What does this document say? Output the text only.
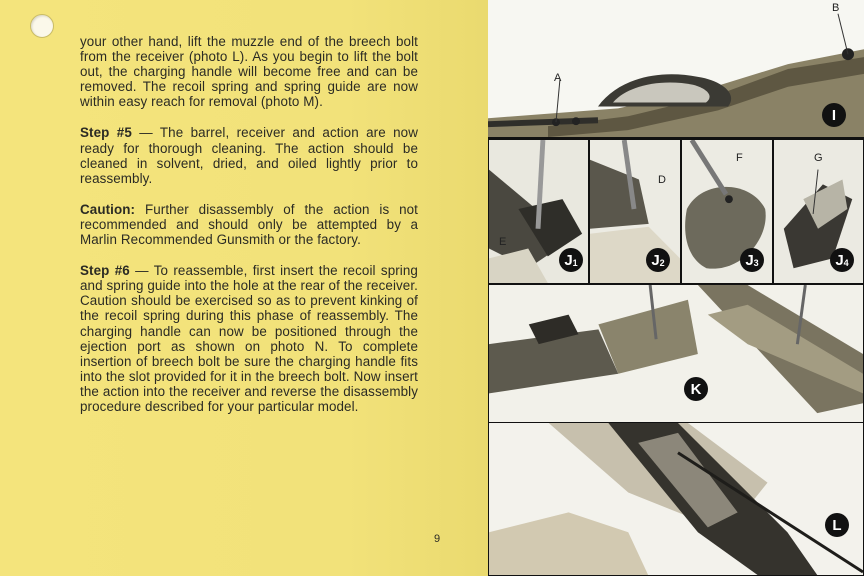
your other hand, lift the muzzle end of the breech bolt from the receiver (photo L). As you begin to lift the bolt out, the charging handle will become free and can be removed. The recoil spring and spring guide are now within easy reach for removal (photo M).

Step #5 — The barrel, receiver and action are now ready for thorough cleaning. The action should be cleaned in solvent, dried, and oiled lightly prior to reassembly.

Caution: Further disassembly of the action is not recommended and should only be attempted by a Marlin Recommended Gunsmith or the factory.

Step #6 — To reassemble, first insert the recoil spring and spring guide into the hole at the rear of the receiver. Caution should be exercised so as to prevent kinking of the recoil spring during this phase of reassembly. The charging handle can now be positioned through the ejection port as shown on photo N. To complete insertion of breech bolt be sure the charging handle fits into the slot provided for it in the breech bolt. Now insert the action into the receiver and reverse the disassembly procedure described for your particular model.

9
A
B
I
E
J 1
D
J 2
F
J 3
G
J 4
K
L
